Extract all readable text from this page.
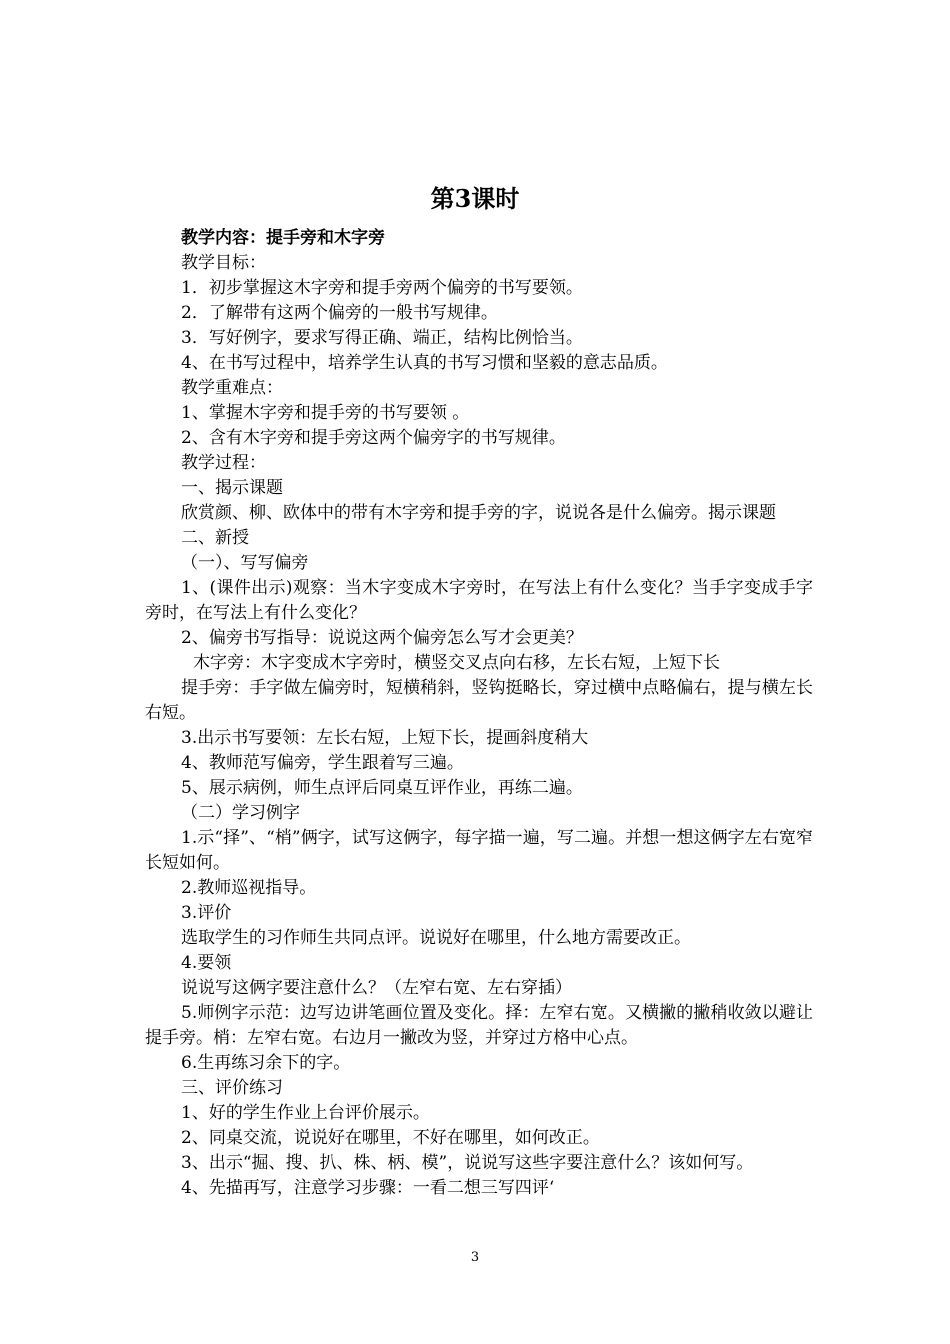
第3课时

教学内容：提手旁和木字旁

教学目标：

1．初步掌握这木字旁和提手旁两个偏旁的书写要领。

2．了解带有这两个偏旁的一般书写规律。

3．写好例字，要求写得正确、端正，结构比例恰当。

4、在书写过程中，培养学生认真的书写习惯和坚毅的意志品质。

教学重难点：

1、掌握木字旁和提手旁的书写要领 。

2、含有木字旁和提手旁这两个偏旁字的书写规律。

教学过程：

一、揭示课题

欣赏颜、柳、欧体中的带有木字旁和提手旁的字，说说各是什么偏旁。揭示课题

二、新授

（一）、写写偏旁

1、(课件出示)观察：当木字变成木字旁时，在写法上有什么变化？当手字变成手字旁时，在写法上有什么变化？

2、偏旁书写指导：说说这两个偏旁怎么写才会更美？

木字旁：木字变成木字旁时，横竖交叉点向右移，左长右短，上短下长

提手旁：手字做左偏旁时，短横稍斜，竖钩挺略长，穿过横中点略偏右，提与横左长右短。

3.出示书写要领：左长右短，上短下长，提画斜度稍大

4、教师范写偏旁，学生跟着写三遍。

5、展示病例，师生点评后同桌互评作业，再练二遍。

（二）学习例字

1.示“择”、“梢”俩字，试写这俩字，每字描一遍，写二遍。并想一想这俩字左右宽窄长短如何。

2.教师巡视指导。

3.评价

选取学生的习作师生共同点评。说说好在哪里，什么地方需要改正。

4.要领

说说写这俩字要注意什么？（左窄右宽、左右穿插）

5.师例字示范：边写边讲笔画位置及变化。择：左窄右宽。又横撇的撇稍收敛以避让提手旁。梢：左窄右宽。右边月一撇改为竖，并穿过方格中心点。

6.生再练习余下的字。

三、评价练习

1、好的学生作业上台评价展示。

2、同桌交流，说说好在哪里，不好在哪里，如何改正。

3、出示“掘、搜、扒、株、柄、模”，说说写这些字要注意什么？该如何写。

4、先描再写，注意学习步骤：一看二想三写四评‘

3
